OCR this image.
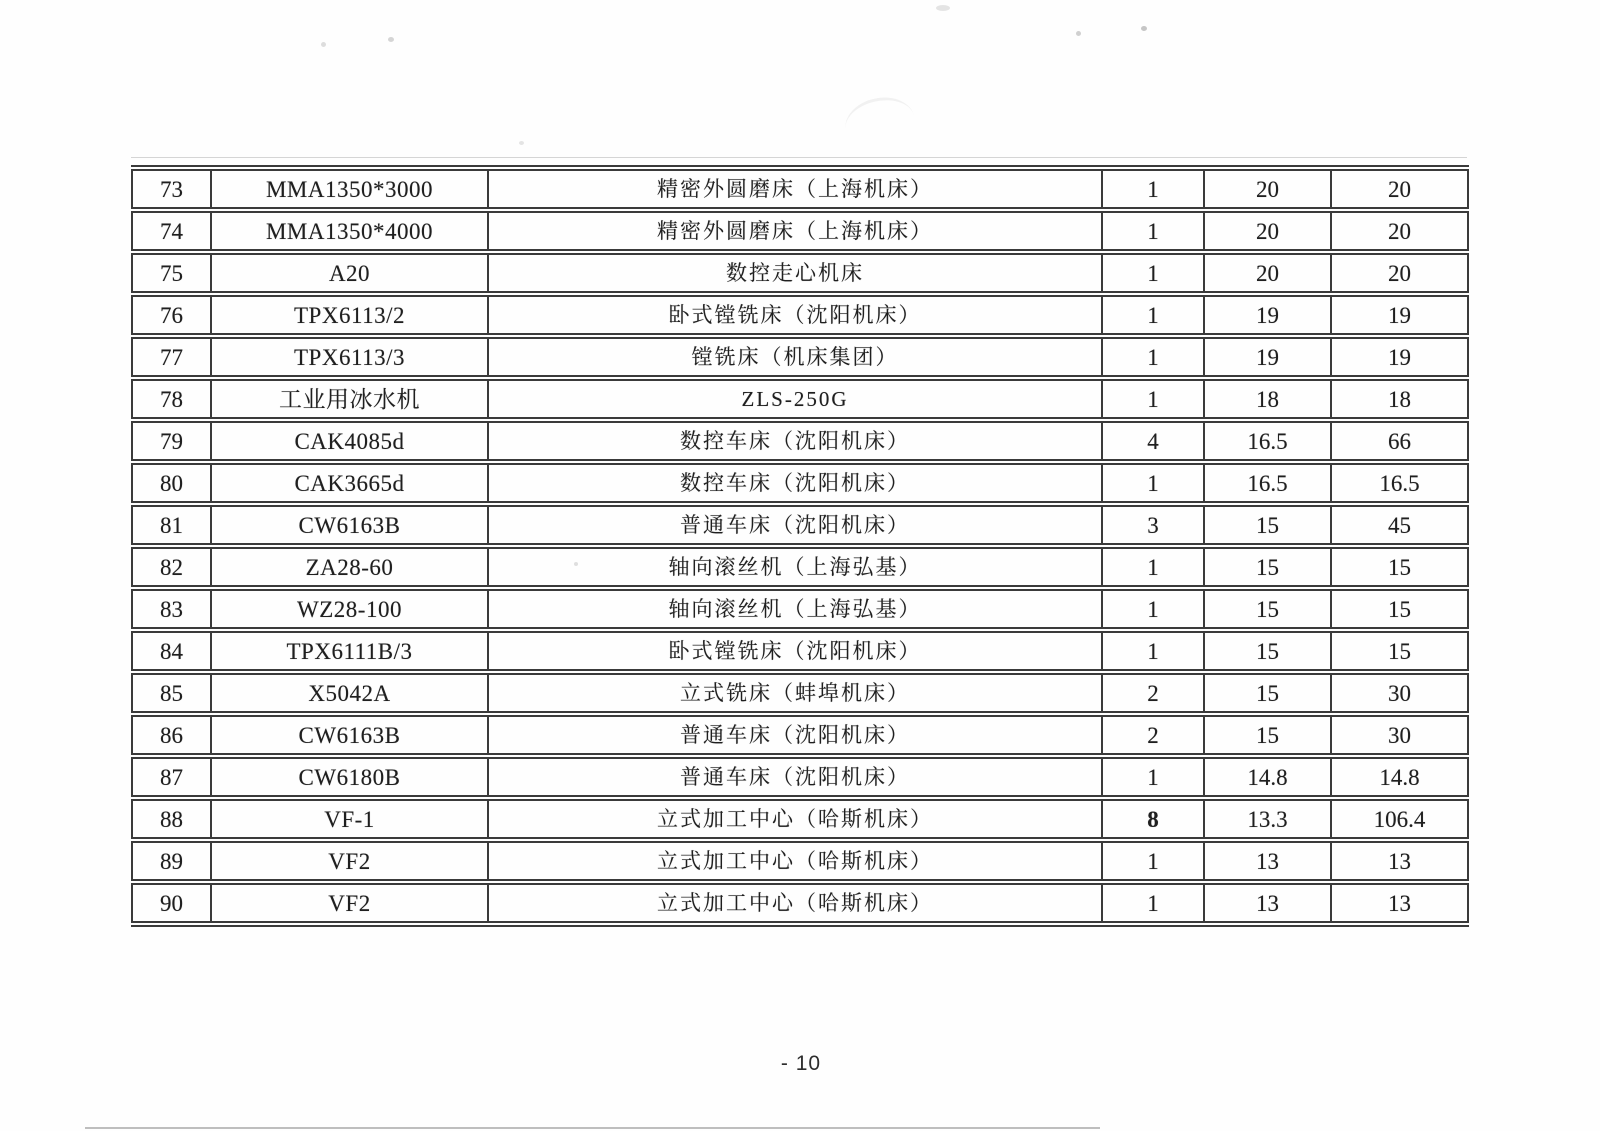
73	MMA1350*3000	精密外圆磨床（上海机床）	1	20	20
74	MMA1350*4000	精密外圆磨床（上海机床）	1	20	20
75	A20	数控走心机床	1	20	20
76	TPX6113/2	卧式镗铣床（沈阳机床）	1	19	19
77	TPX6113/3	镗铣床（机床集团）	1	19	19
78	工业用冰水机	ZLS-250G	1	18	18
79	CAK4085d	数控车床（沈阳机床）	4	16.5	66
80	CAK3665d	数控车床（沈阳机床）	1	16.5	16.5
81	CW6163B	普通车床（沈阳机床）	3	15	45
82	ZA28-60	轴向滚丝机（上海弘基）	1	15	15
83	WZ28-100	轴向滚丝机（上海弘基）	1	15	15
84	TPX6111B/3	卧式镗铣床（沈阳机床）	1	15	15
85	X5042A	立式铣床（蚌埠机床）	2	15	30
86	CW6163B	普通车床（沈阳机床）	2	15	30
87	CW6180B	普通车床（沈阳机床）	1	14.8	14.8
88	VF-1	立式加工中心（哈斯机床）	8	13.3	106.4
89	VF2	立式加工中心（哈斯机床）	1	13	13
90	VF2	立式加工中心（哈斯机床）	1	13	13
- 10
